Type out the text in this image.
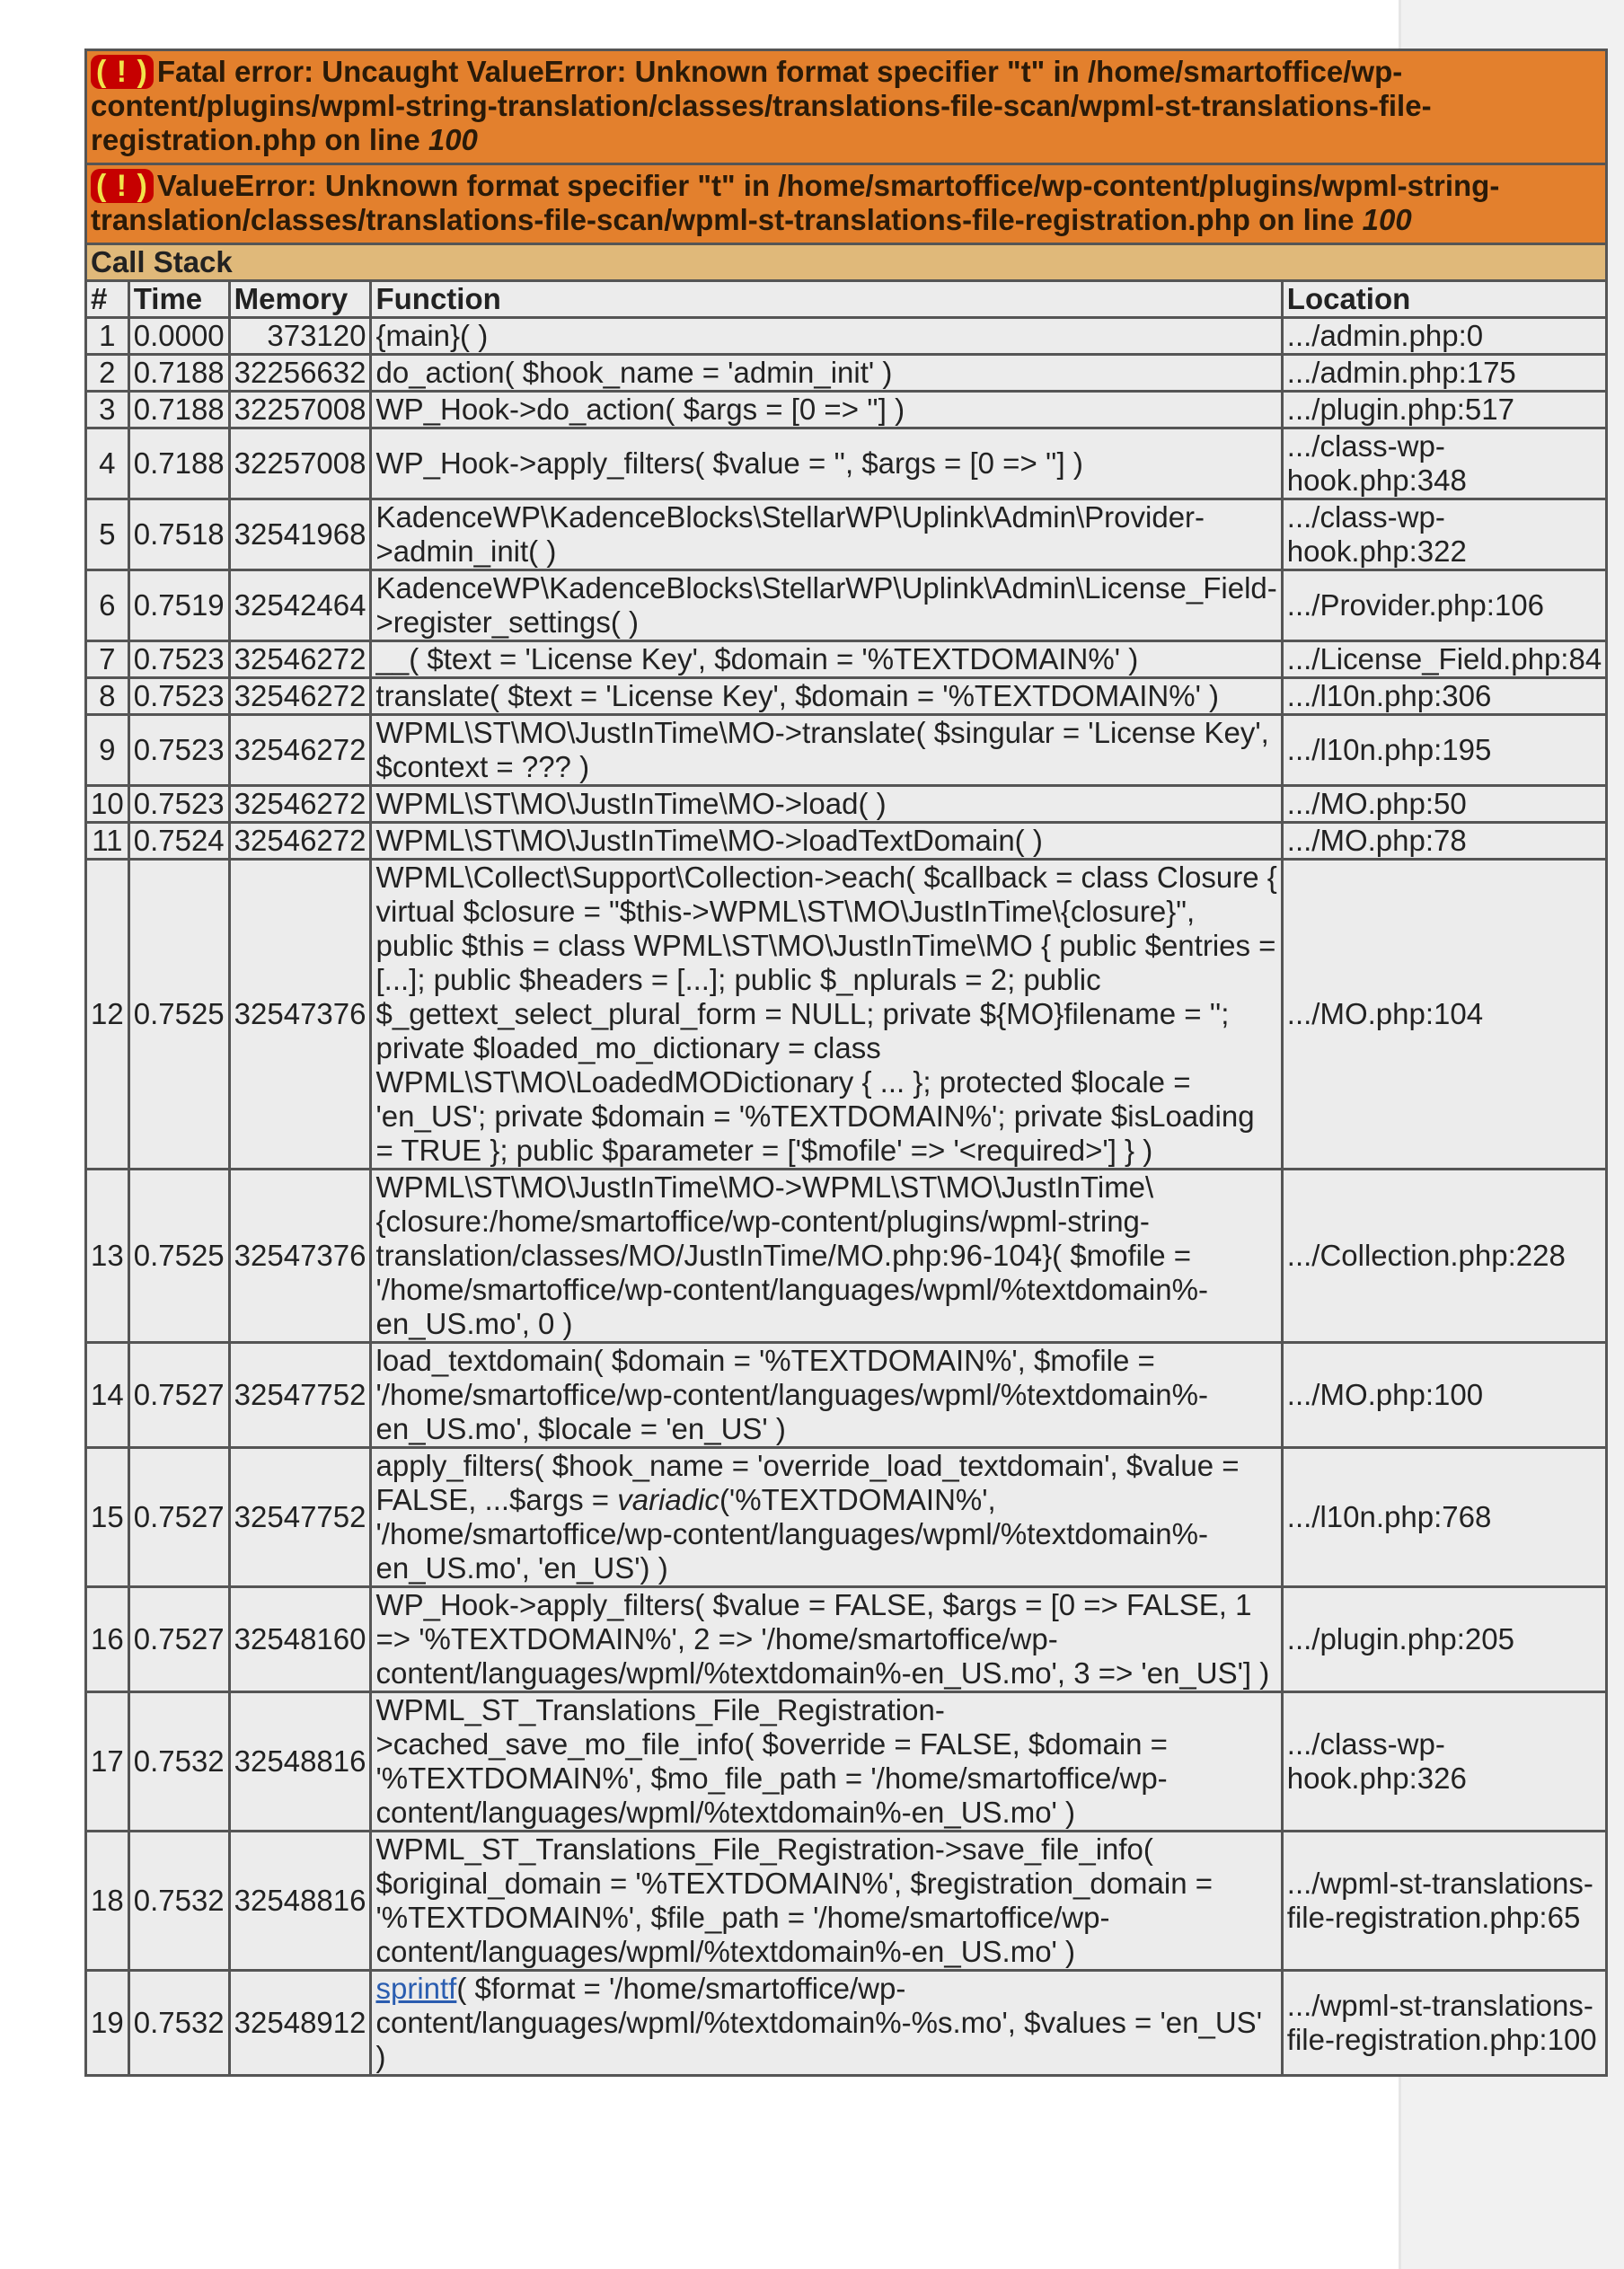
( ! ) Fatal error: Uncaught ValueError: Unknown format specifier "t" in /home/smartoffice/wp-content/plugins/wpml-string-translation/classes/translations-file-scan/wpml-st-translations-file-registration.php on line 100				
( ! ) ValueError: Unknown format specifier "t" in /home/smartoffice/wp-content/plugins/wpml-string-translation/classes/translations-file-scan/wpml-st-translations-file-registration.php on line 100				
Call Stack				
#	Time	Memory	Function	Location
1	0.0000	373120	{main}( )	.../admin.php:0
2	0.7188	32256632	do_action( $hook_name = 'admin_init' )	.../admin.php:175
3	0.7188	32257008	WP_Hook->do_action( $args = [0 => ''] )	.../plugin.php:517
4	0.7188	32257008	WP_Hook->apply_filters( $value = '', $args = [0 => ''] )	.../class-wp-hook.php:348
5	0.7518	32541968	KadenceWP\KadenceBlocks\StellarWP\Uplink\Admin\Provider->admin_init( )	.../class-wp-hook.php:322
6	0.7519	32542464	KadenceWP\KadenceBlocks\StellarWP\Uplink\Admin\License_Field->register_settings( )	.../Provider.php:106
7	0.7523	32546272	__( $text = 'License Key', $domain = '%TEXTDOMAIN%' )	.../License_Field.php:84
8	0.7523	32546272	translate( $text = 'License Key', $domain = '%TEXTDOMAIN%' )	.../l10n.php:306
9	0.7523	32546272	WPML\ST\MO\JustInTime\MO->translate( $singular = 'License Key', $context = ??? )	.../l10n.php:195
10	0.7523	32546272	WPML\ST\MO\JustInTime\MO->load( )	.../MO.php:50
11	0.7524	32546272	WPML\ST\MO\JustInTime\MO->loadTextDomain( )	.../MO.php:78
12	0.7525	32547376	WPML\Collect\Support\Collection->each( $callback = class Closure { virtual $closure = "$this->WPML\ST\MO\JustInTime\{closure}", public $this = class WPML\ST\MO\JustInTime\MO { public $entries = [...]; public $headers = [...]; public $_nplurals = 2; public $_gettext_select_plural_form = NULL; private ${MO}filename = ''; private $loaded_mo_dictionary = class WPML\ST\MO\LoadedMODictionary { ... }; protected $locale = 'en_US'; private $domain = '%TEXTDOMAIN%'; private $isLoading = TRUE }; public $parameter = ['$mofile' => '<required>'] } )	.../MO.php:104
13	0.7525	32547376	WPML\ST\MO\JustInTime\MO->WPML\ST\MO\JustInTime\{closure:/home/smartoffice/wp-content/plugins/wpml-string-translation/classes/MO/JustInTime/MO.php:96-104}( $mofile = '/home/smartoffice/wp-content/languages/wpml/%textdomain%-en_US.mo', 0 )	.../Collection.php:228
14	0.7527	32547752	load_textdomain( $domain = '%TEXTDOMAIN%', $mofile = '/home/smartoffice/wp-content/languages/wpml/%textdomain%-en_US.mo', $locale = 'en_US' )	.../MO.php:100
15	0.7527	32547752	apply_filters( $hook_name = 'override_load_textdomain', $value = FALSE, ...$args = variadic('%TEXTDOMAIN%', '/home/smartoffice/wp-content/languages/wpml/%textdomain%-en_US.mo', 'en_US') )	.../l10n.php:768
16	0.7527	32548160	WP_Hook->apply_filters( $value = FALSE, $args = [0 => FALSE, 1 => '%TEXTDOMAIN%', 2 => '/home/smartoffice/wp-content/languages/wpml/%textdomain%-en_US.mo', 3 => 'en_US'] )	.../plugin.php:205
17	0.7532	32548816	WPML_ST_Translations_File_Registration->cached_save_mo_file_info( $override = FALSE, $domain = '%TEXTDOMAIN%', $mo_file_path = '/home/smartoffice/wp-content/languages/wpml/%textdomain%-en_US.mo' )	.../class-wp-hook.php:326
18	0.7532	32548816	WPML_ST_Translations_File_Registration->save_file_info( $original_domain = '%TEXTDOMAIN%', $registration_domain = '%TEXTDOMAIN%', $file_path = '/home/smartoffice/wp-content/languages/wpml/%textdomain%-en_US.mo' )	.../wpml-st-translations-file-registration.php:65
19	0.7532	32548912	sprintf( $format = '/home/smartoffice/wp-content/languages/wpml/%textdomain%-%s.mo', $values = 'en_US' )	.../wpml-st-translations-file-registration.php:100
